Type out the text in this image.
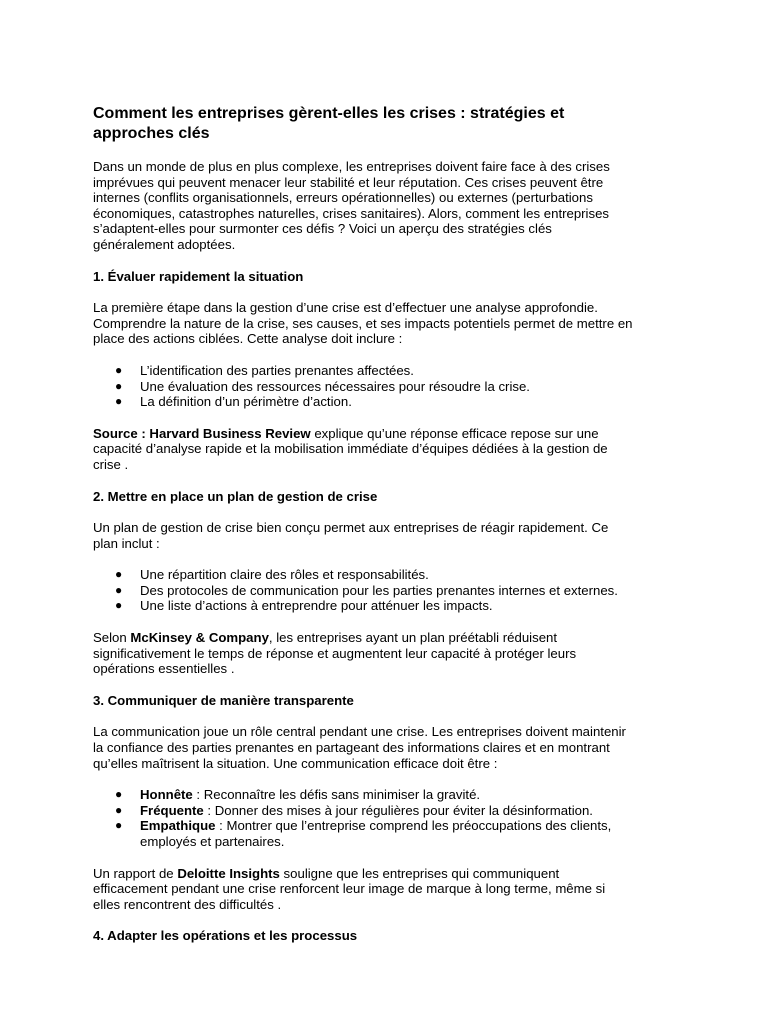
Comment les entreprises gèrent-elles les crises : stratégies et
approches clés

Dans un monde de plus en plus complexe, les entreprises doivent faire face à des crises
imprévues qui peuvent menacer leur stabilité et leur réputation. Ces crises peuvent être
internes (conflits organisationnels, erreurs opérationnelles) ou externes (perturbations
économiques, catastrophes naturelles, crises sanitaires). Alors, comment les entreprises
s’adaptent-elles pour surmonter ces défis ? Voici un aperçu des stratégies clés
généralement adoptées.

1. Évaluer rapidement la situation

La première étape dans la gestion d’une crise est d’effectuer une analyse approfondie.
Comprendre la nature de la crise, ses causes, et ses impacts potentiels permet de mettre en
place des actions ciblées. Cette analyse doit inclure :

● L’identification des parties prenantes affectées.
● Une évaluation des ressources nécessaires pour résoudre la crise.
● La définition d’un périmètre d’action.

Source : Harvard Business Review explique qu’une réponse efficace repose sur une
capacité d’analyse rapide et la mobilisation immédiate d’équipes dédiées à la gestion de
crise .

2. Mettre en place un plan de gestion de crise

Un plan de gestion de crise bien conçu permet aux entreprises de réagir rapidement. Ce
plan inclut :

● Une répartition claire des rôles et responsabilités.
● Des protocoles de communication pour les parties prenantes internes et externes.
● Une liste d’actions à entreprendre pour atténuer les impacts.

Selon McKinsey & Company, les entreprises ayant un plan préétabli réduisent
significativement le temps de réponse et augmentent leur capacité à protéger leurs
opérations essentielles .

3. Communiquer de manière transparente

La communication joue un rôle central pendant une crise. Les entreprises doivent maintenir
la confiance des parties prenantes en partageant des informations claires et en montrant
qu’elles maîtrisent la situation. Une communication efficace doit être :

● Honnête : Reconnaître les défis sans minimiser la gravité.
● Fréquente : Donner des mises à jour régulières pour éviter la désinformation.
● Empathique : Montrer que l’entreprise comprend les préoccupations des clients,
employés et partenaires.

Un rapport de Deloitte Insights souligne que les entreprises qui communiquent
efficacement pendant une crise renforcent leur image de marque à long terme, même si
elles rencontrent des difficultés .

4. Adapter les opérations et les processus
